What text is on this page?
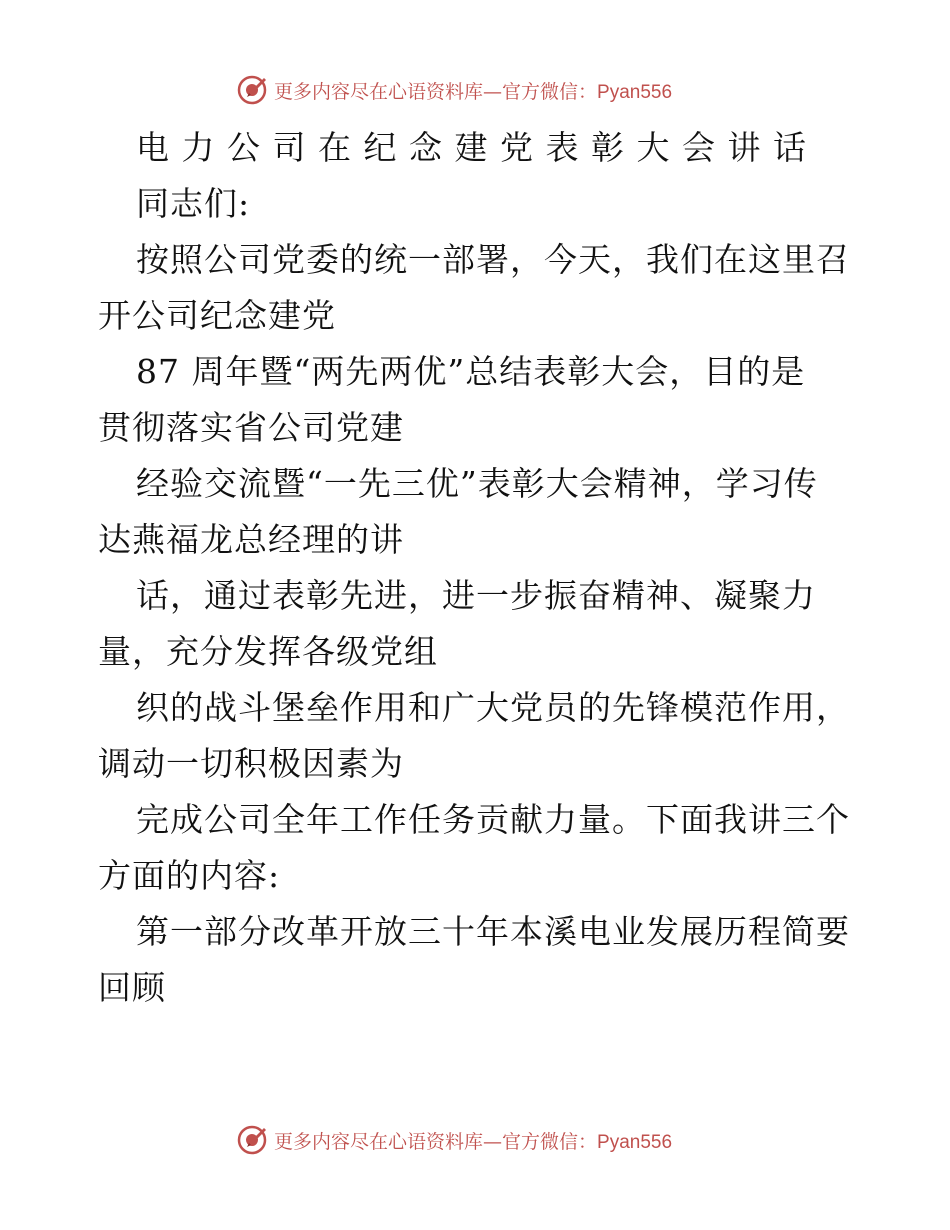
更多内容尽在心语资料库—官方微信：Pyan556
电力公司在纪念建党表彰大会讲话
同志们:
按照公司党委的统一部署，今天，我们在这里召
开公司纪念建党
87 周年暨“两先两优”总结表彰大会，目的是
贯彻落实省公司党建
经验交流暨“一先三优”表彰大会精神，学习传
达燕福龙总经理的讲
话，通过表彰先进，进一步振奋精神、凝聚力
量，充分发挥各级党组
织的战斗堡垒作用和广大党员的先锋模范作用，
调动一切积极因素为
完成公司全年工作任务贡献力量。下面我讲三个
方面的内容:
第一部分改革开放三十年本溪电业发展历程简要
回顾
更多内容尽在心语资料库—官方微信：Pyan556
